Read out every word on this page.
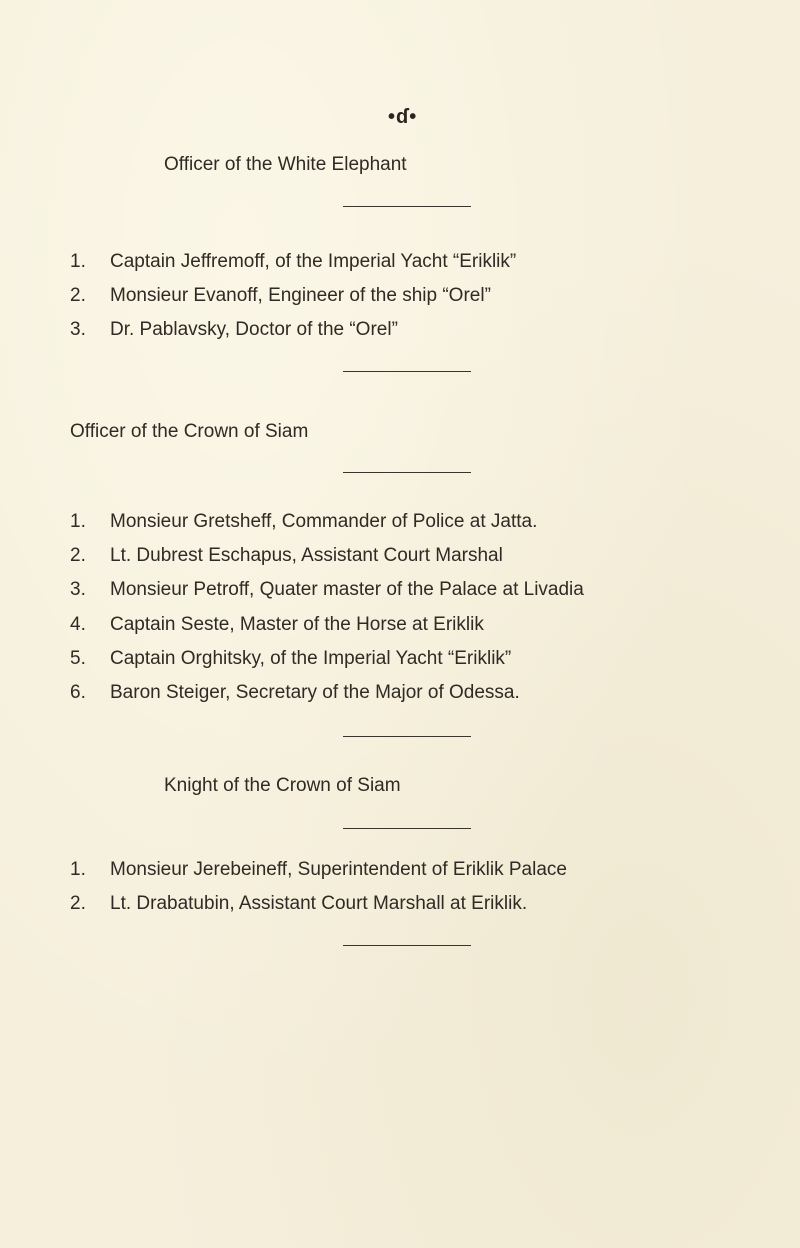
•ɗ•
Officer of the White Elephant
1. Captain Jeffremoff, of the Imperial Yacht “Eriklik”
2. Monsieur Evanoff, Engineer of the ship “Orel”
3. Dr. Pablavsky, Doctor of the “Orel”
Officer of the Crown of Siam
1. Monsieur Gretsheff, Commander of Police at Jatta.
2. Lt. Dubrest Eschapus, Assistant Court Marshal
3. Monsieur Petroff, Quater master of the Palace at Livadia
4. Captain Seste, Master of the Horse at Eriklik
5. Captain Orghitsky, of the Imperial Yacht “Eriklik”
6. Baron Steiger, Secretary of the Major of Odessa.
Knight of the Crown of Siam
1. Monsieur Jerebeineff, Superintendent of Eriklik Palace
2. Lt. Drabatubin, Assistant Court Marshall at Eriklik.
